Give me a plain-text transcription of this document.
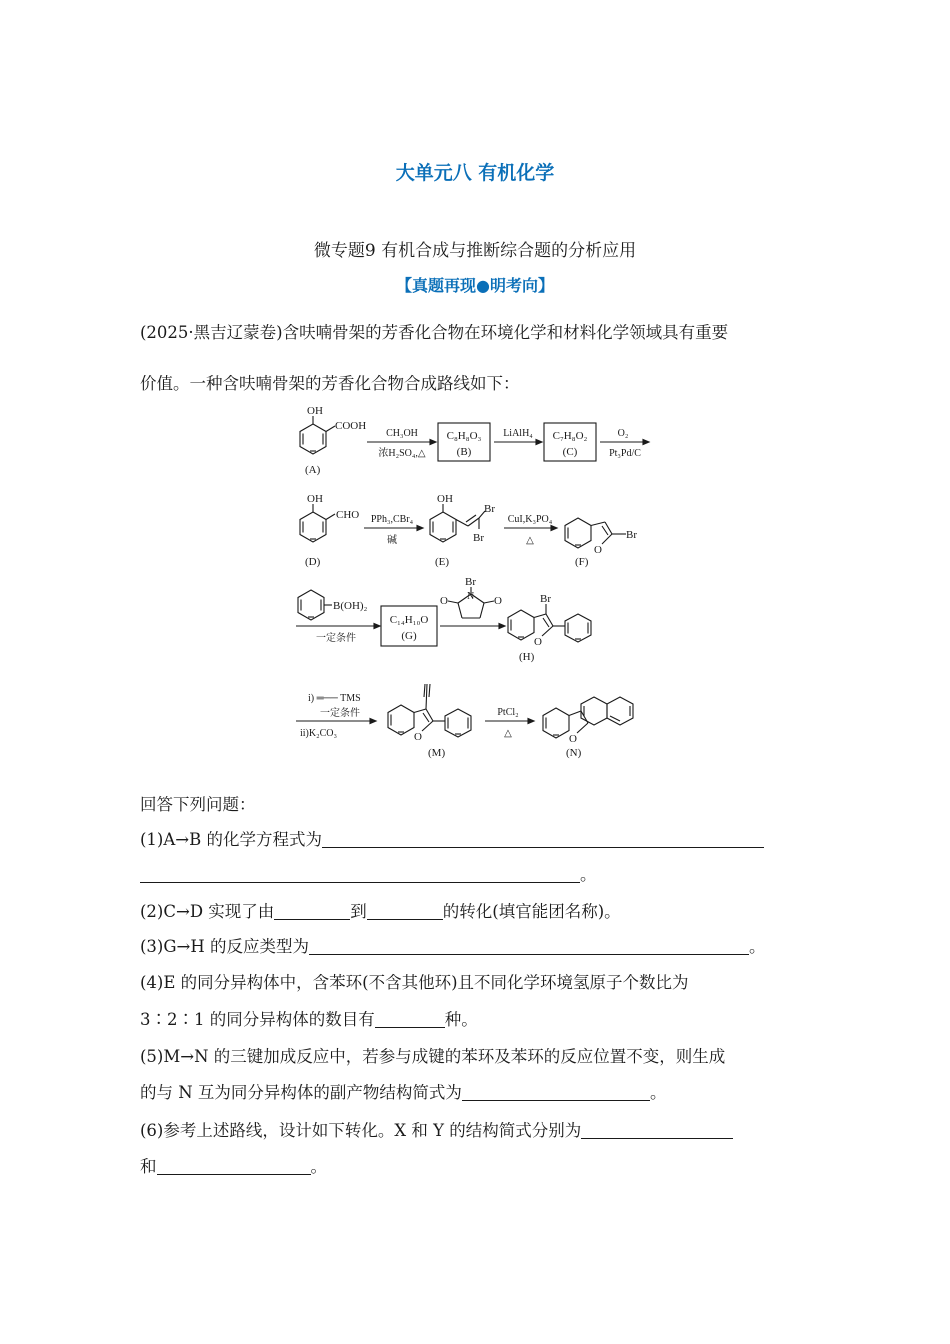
大单元八 有机化学
微专题9 有机合成与推断综合题的分析应用
【真题再现●明考向】
(2025·黑吉辽蒙卷)含呋喃骨架的芳香化合物在环境化学和材料化学领域具有重要
价值。一种含呋喃骨架的芳香化合物合成路线如下：
OH
COOH
(A)
CH₃OH
浓H₂SO₄,△
C₈H₈O₃
(B)
LiAlH₄ C₇H₈O₂
(C)
O₂
Pt₃Pd/C
OH
CHO
(D)
PPh₃,CBr₄
碱
OH
Br
Br
(E)
CuI,K₃PO₄
△
O
Br
(F)
B(OH)₂
一定条件
C₁₄H₁₀O
(G)
Br
N
O	O	Br
O
(H)
i) ═── TMS
一定条件
ii)K₂CO₃	O
(M)
PtCl₂
△	O
(N)
回答下列问题：
(1)A→B 的化学方程式为
。
(2)C→D 实现了由	到	的转化(填官能团名称)。
(3)G→H 的反应类型为	。
(4)E 的同分异构体中，含苯环(不含其他环)且不同化学环境氢原子个数比为
3∶2∶1 的同分异构体的数目有	种。
(5)M→N 的三键加成反应中，若参与成键的苯环及苯环的反应位置不变，则生成
的与 N 互为同分异构体的副产物结构简式为	。
(6)参考上述路线，设计如下转化。X 和 Y 的结构简式分别为
和	。
